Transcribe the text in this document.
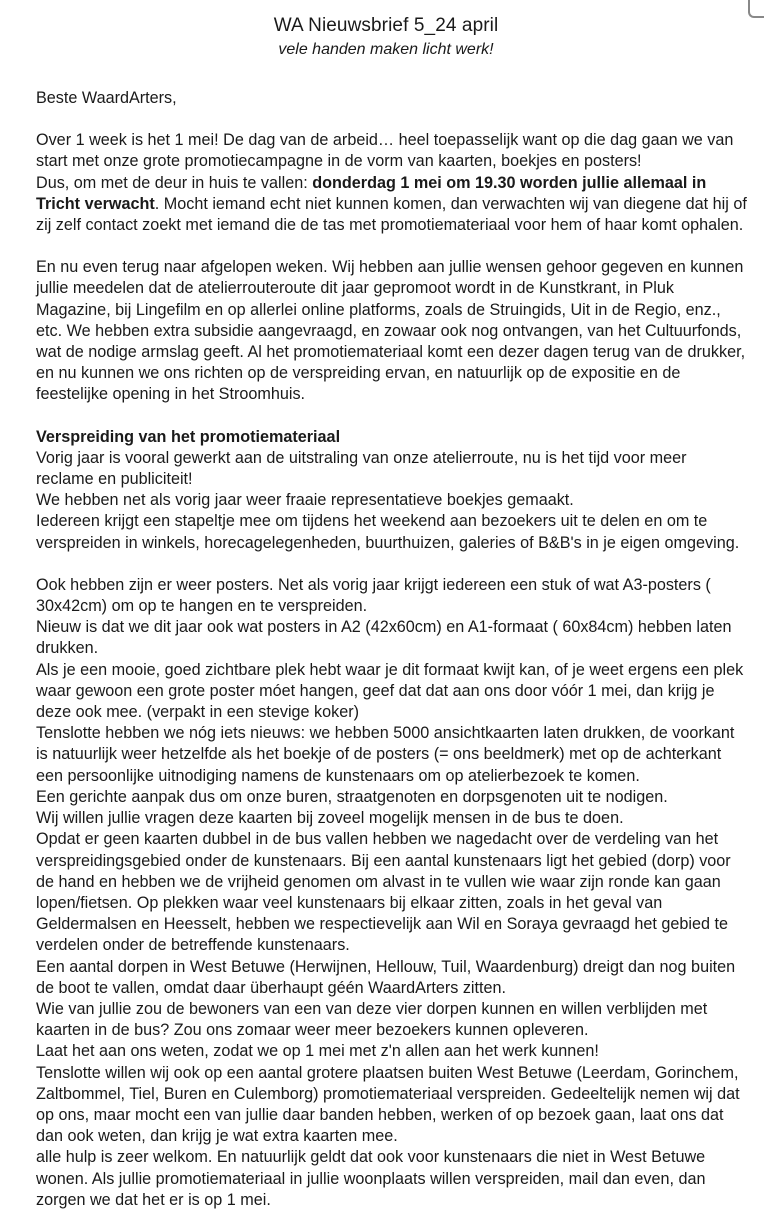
WA Nieuwsbrief 5_24 april
vele handen maken licht werk!

Beste WaardArters,

Over 1 week is het 1 mei! De dag van de arbeid… heel toepasselijk want op die dag gaan we van start met onze grote promotiecampagne in de vorm van kaarten, boekjes en posters!

Dus, om met de deur in huis te vallen: donderdag 1 mei om 19.30 worden jullie allemaal in Tricht verwacht. Mocht iemand echt niet kunnen komen, dan verwachten wij van diegene dat hij of zij zelf contact zoekt met iemand die de tas met promotiemateriaal voor hem of haar komt ophalen.

En nu even terug naar afgelopen weken. Wij hebben aan jullie wensen gehoor gegeven en kunnen jullie meedelen dat de atelierrouteroute dit jaar gepromoot wordt in de Kunstkrant, in Pluk Magazine, bij Lingefilm en op allerlei online platforms, zoals de Struingids, Uit in de Regio, enz., etc. We hebben extra subsidie aangevraagd, en zowaar ook nog ontvangen, van het Cultuurfonds, wat de nodige armslag geeft. Al het promotiemateriaal komt een dezer dagen terug van de drukker, en nu kunnen we ons richten op de verspreiding ervan, en natuurlijk op de expositie en de feestelijke opening in het Stroomhuis.

Verspreiding van het promotiemateriaal

Vorig jaar is vooral gewerkt aan de uitstraling van onze atelierroute, nu is het tijd voor meer reclame en publiciteit!

We hebben net als vorig jaar weer fraaie representatieve boekjes gemaakt.

Iedereen krijgt een stapeltje mee om tijdens het weekend aan bezoekers uit te delen en om te verspreiden in winkels, horecagelegenheden, buurthuizen, galeries of B&B's in je eigen omgeving.

Ook hebben zijn er weer posters. Net als vorig jaar krijgt iedereen een stuk of wat A3-posters ( 30x42cm) om op te hangen en te verspreiden.

Nieuw is dat we dit jaar ook wat posters in A2 (42x60cm) en A1-formaat ( 60x84cm) hebben laten drukken.

Als je een mooie, goed zichtbare plek hebt waar je dit formaat kwijt kan, of je weet ergens een plek waar gewoon een grote poster móet hangen, geef dat dat aan ons door vóór 1 mei, dan krijg je deze ook mee. (verpakt in een stevige koker)

Tenslotte hebben we nóg iets nieuws: we hebben 5000 ansichtkaarten laten drukken, de voorkant is natuurlijk weer hetzelfde als het boekje of de posters (= ons beeldmerk) met op de achterkant een persoonlijke uitnodiging namens de kunstenaars om op atelierbezoek te komen.

Een gerichte aanpak dus om onze buren, straatgenoten en dorpsgenoten uit te nodigen.

Wij willen jullie vragen deze kaarten bij zoveel mogelijk mensen in de bus te doen.

Opdat er geen kaarten dubbel in de bus vallen hebben we nagedacht over de verdeling van het verspreidingsgebied onder de kunstenaars. Bij een aantal kunstenaars ligt het gebied (dorp) voor de hand en hebben we de vrijheid genomen om alvast in te vullen wie waar zijn ronde kan gaan lopen/fietsen. Op plekken waar veel kunstenaars bij elkaar zitten, zoals in het geval van Geldermalsen en Heesselt, hebben we respectievelijk aan Wil en Soraya gevraagd het gebied te verdelen onder de betreffende kunstenaars.

Een aantal dorpen in West Betuwe (Herwijnen, Hellouw, Tuil, Waardenburg) dreigt dan nog buiten de boot te vallen, omdat daar überhaupt géén WaardArters zitten.

Wie van jullie zou de bewoners van een van deze vier dorpen kunnen en willen verblijden met kaarten in de bus? Zou ons zomaar weer meer bezoekers kunnen opleveren.

Laat het aan ons weten, zodat we op 1 mei met z'n allen aan het werk kunnen!

Tenslotte willen wij ook op een aantal grotere plaatsen buiten West Betuwe (Leerdam, Gorinchem, Zaltbommel, Tiel, Buren en Culemborg) promotiemateriaal verspreiden. Gedeeltelijk nemen wij dat op ons, maar mocht een van jullie daar banden hebben, werken of op bezoek gaan, laat ons dat dan ook weten, dan krijg je wat extra kaarten mee.

alle hulp is zeer welkom. En natuurlijk geldt dat ook voor kunstenaars die niet in West Betuwe wonen. Als jullie promotiemateriaal in jullie woonplaats willen verspreiden, mail dan even, dan zorgen we dat het er is op 1 mei.
